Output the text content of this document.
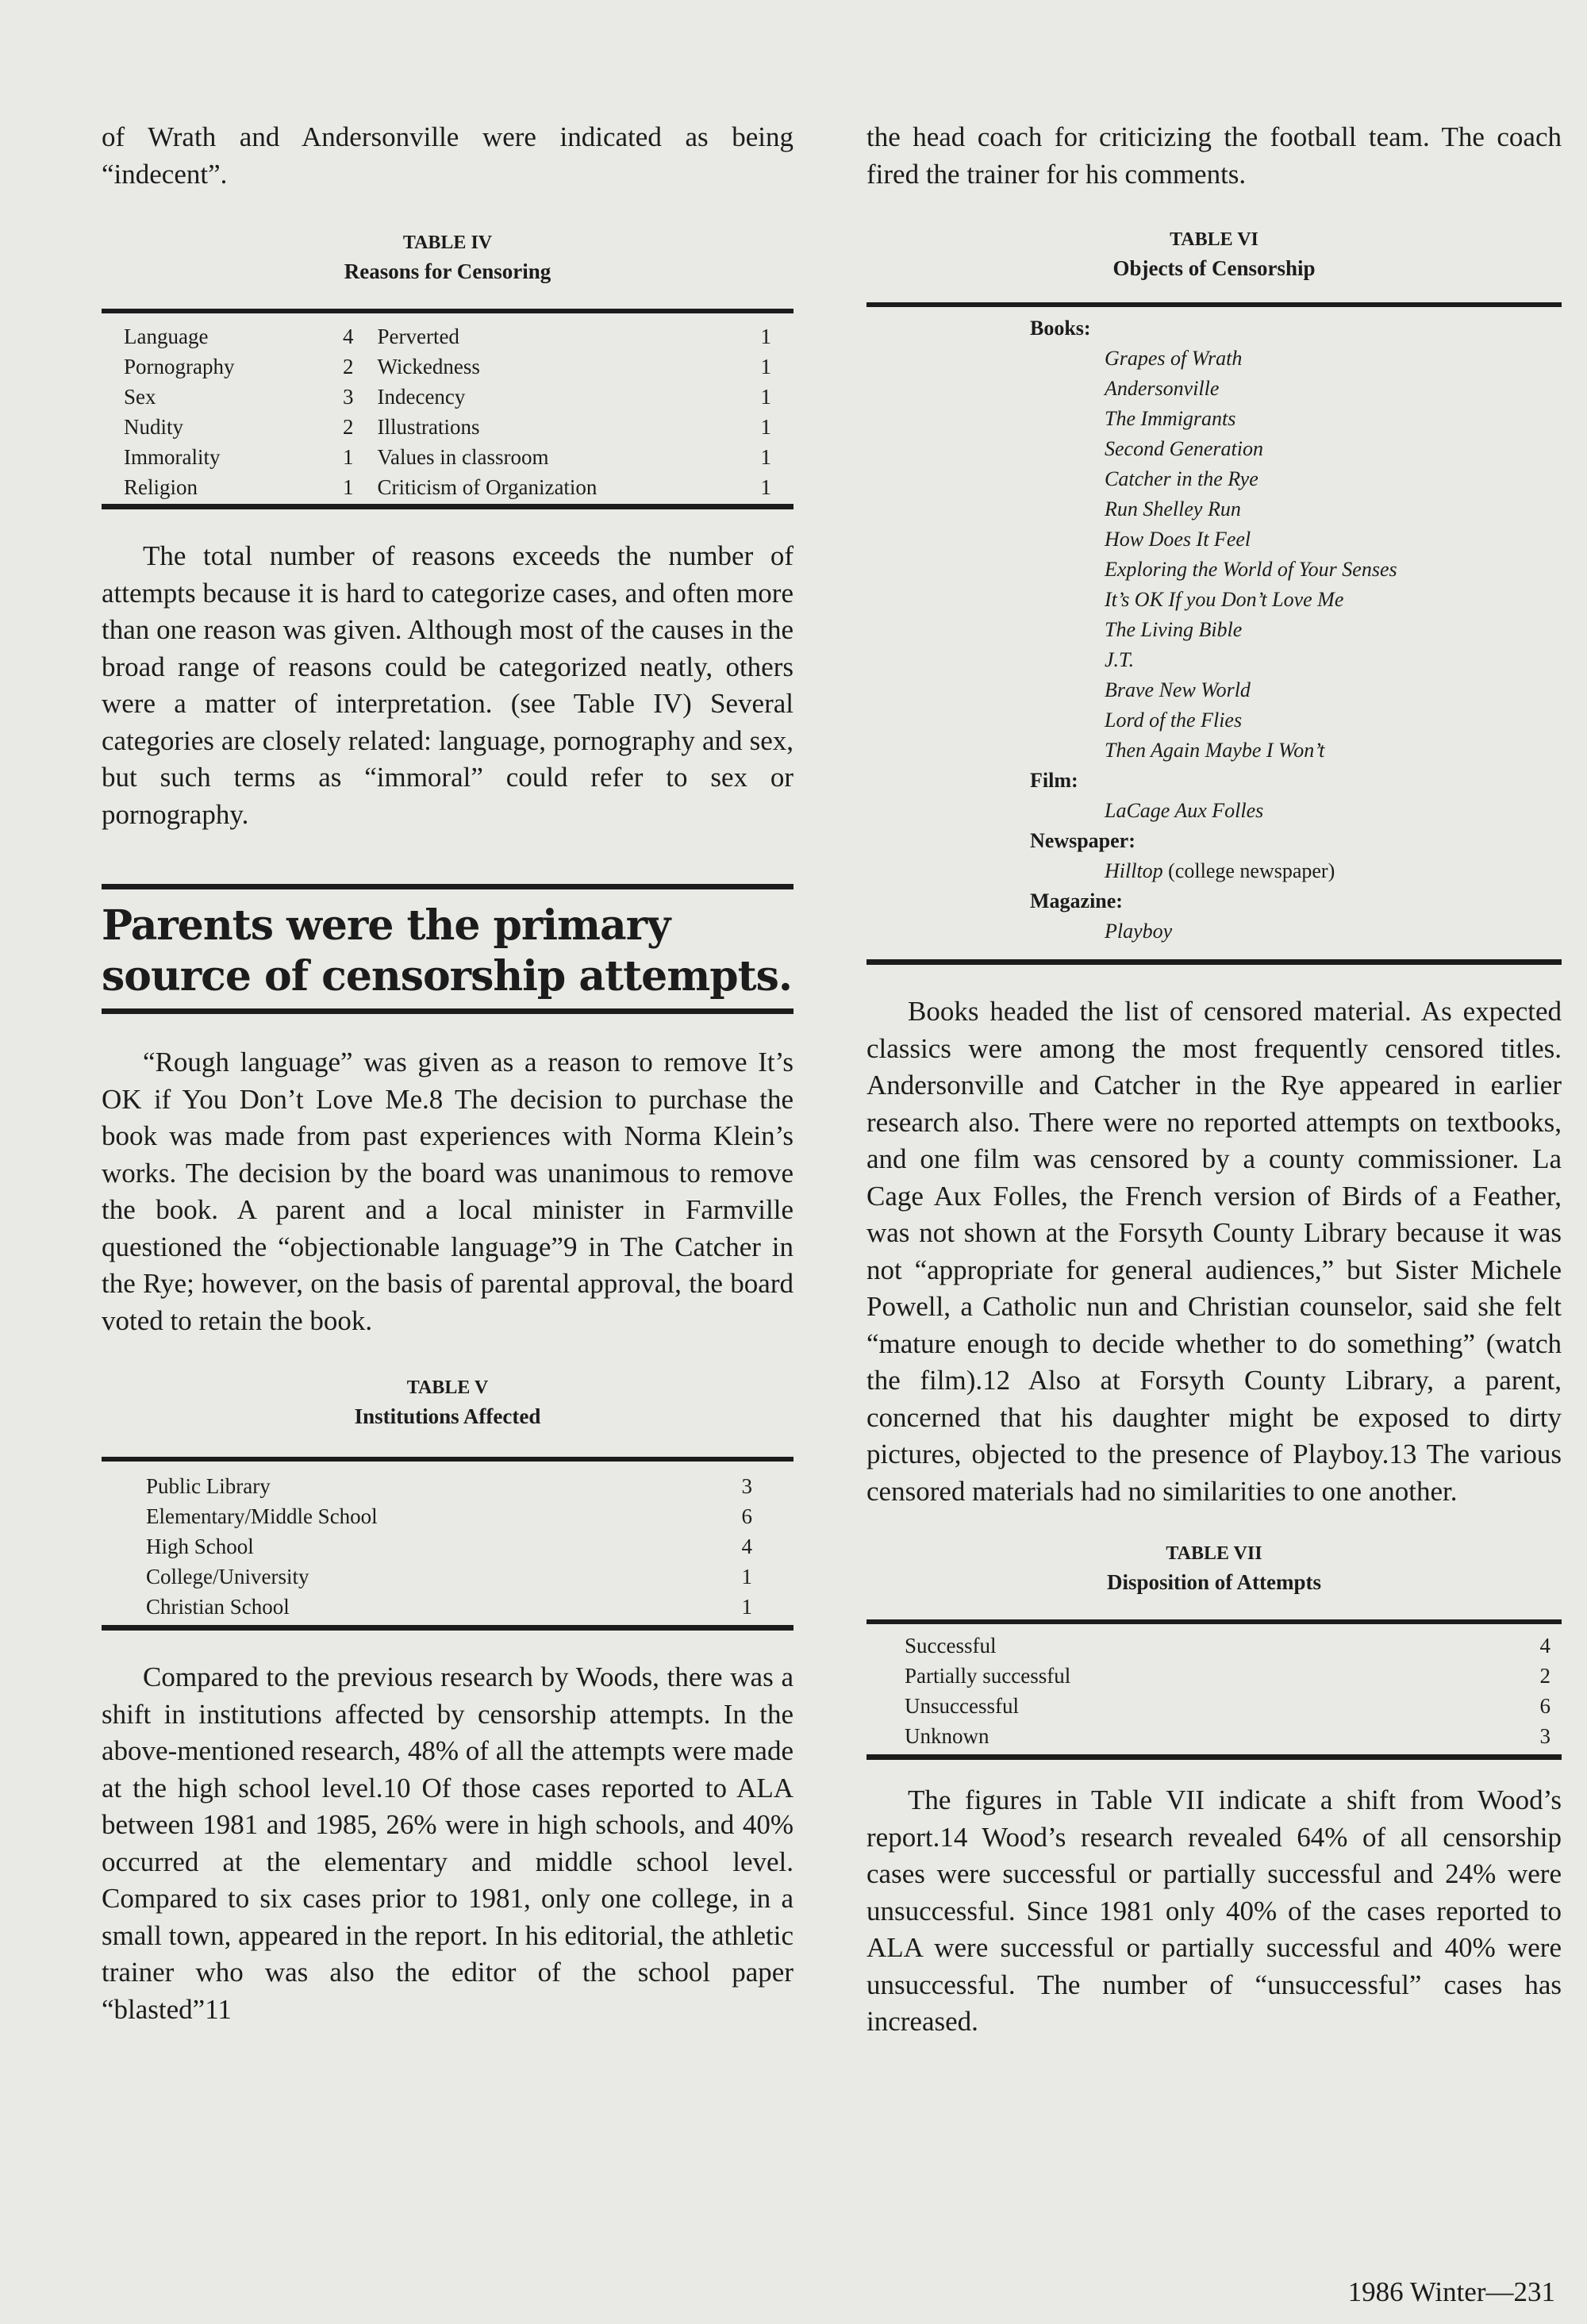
of Wrath and Andersonville were indicated as being “indecent”.

TABLE IV
Reasons for Censoring
Language	4	Perverted	1
Pornography	2	Wickedness	1
Sex	3	Indecency	1
Nudity	2	Illustrations	1
Immorality	1	Values in classroom	1
Religion	1	Criticism of Organization	1

The total number of reasons exceeds the number of attempts because it is hard to categorize cases, and often more than one reason was given. Although most of the causes in the broad range of reasons could be categorized neatly, others were a matter of interpretation. (see Table IV) Several categories are closely related: language, pornography and sex, but such terms as “immoral” could refer to sex or pornography.

Parents were the primary source of censorship attempts.

“Rough language” was given as a reason to remove It’s OK if You Don’t Love Me.8 The decision to purchase the book was made from past experiences with Norma Klein’s works. The decision by the board was unanimous to remove the book. A parent and a local minister in Farmville questioned the “objectionable language”9 in The Catcher in the Rye; however, on the basis of parental approval, the board voted to retain the book.

TABLE V
Institutions Affected
Public Library	3
Elementary/Middle School	6
High School	4
College/University	1
Christian School	1

Compared to the previous research by Woods, there was a shift in institutions affected by censorship attempts. In the above-mentioned research, 48% of all the attempts were made at the high school level.10 Of those cases reported to ALA between 1981 and 1985, 26% were in high schools, and 40% occurred at the elementary and middle school level. Compared to six cases prior to 1981, only one college, in a small town, appeared in the report. In his editorial, the athletic trainer who was also the editor of the school paper “blasted”11

the head coach for criticizing the football team. The coach fired the trainer for his comments.

TABLE VI
Objects of Censorship
Books:
Grapes of Wrath
Andersonville
The Immigrants
Second Generation
Catcher in the Rye
Run Shelley Run
How Does It Feel
Exploring the World of Your Senses
It’s OK If you Don’t Love Me
The Living Bible
J.T.
Brave New World
Lord of the Flies
Then Again Maybe I Won’t
Film:
LaCage Aux Folles
Newspaper:
Hilltop (college newspaper)
Magazine:
Playboy

Books headed the list of censored material. As expected classics were among the most frequently censored titles. Andersonville and Catcher in the Rye appeared in earlier research also. There were no reported attempts on textbooks, and one film was censored by a county commissioner. La Cage Aux Folles, the French version of Birds of a Feather, was not shown at the Forsyth County Library because it was not “appropriate for general audiences,” but Sister Michele Powell, a Catholic nun and Christian counselor, said she felt “mature enough to decide whether to do something” (watch the film).12 Also at Forsyth County Library, a parent, concerned that his daughter might be exposed to dirty pictures, objected to the presence of Playboy.13 The various censored materials had no similarities to one another.

TABLE VII
Disposition of Attempts
Successful	4
Partially successful	2
Unsuccessful	6
Unknown	3

The figures in Table VII indicate a shift from Wood’s report.14 Wood’s research revealed 64% of all censorship cases were successful or partially successful and 24% were unsuccessful. Since 1981 only 40% of the cases reported to ALA were successful or partially successful and 40% were unsuccessful. The number of “unsuccessful” cases has increased.

1986 Winter—231
